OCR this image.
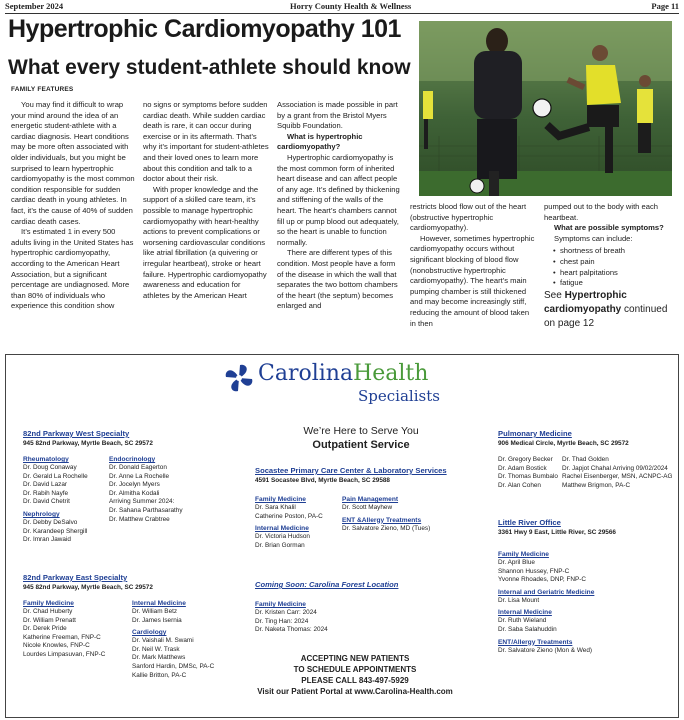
September 2024	Horry County Health & Wellness	Page 11
Hypertrophic Cardiomyopathy 101
What every student-athlete should know
FAMILY FEATURES

You may find it difficult to wrap your mind around the idea of an energetic student-athlete with a cardiac diagnosis. Heart conditions may be more often associated with older individuals, but you might be surprised to learn hypertrophic cardiomyopathy is the most common condition responsible for sudden cardiac death in young athletes. In fact, it’s the cause of 40% of sudden cardiac death cases.

It’s estimated 1 in every 500 adults living in the United States has hypertrophic cardiomyopathy, according to the American Heart Association, but a significant percentage are undiagnosed. More than 80% of individuals who experience this condition show

no signs or symptoms before sudden cardiac death. While sudden cardiac death is rare, it can occur during exercise or in its aftermath. That’s why it’s important for student-athletes and their loved ones to learn more about this condition and talk to a doctor about their risk.

With proper knowledge and the support of a skilled care team, it’s possible to manage hypertrophic cardiomyopathy with heart-healthy actions to prevent complications or worsening cardiovascular conditions like atrial fibrillation (a quivering or irregular heartbeat), stroke or heart failure. Hypertrophic cardiomyopathy awareness and education for athletes by the American Heart

Association is made possible in part by a grant from the Bristol Myers Squibb Foundation.

What is hypertrophic cardiomyopathy?

Hypertrophic cardiomyopathy is the most common form of inherited heart disease and can affect people of any age. It’s defined by thickening and stiffening of the walls of the heart. The heart’s chambers cannot fill up or pump blood out adequately, so the heart is unable to function normally.

There are different types of this condition. Most people have a form of the disease in which the wall that separates the two bottom chambers of the heart (the septum) becomes enlarged and

restricts blood flow out of the heart (obstructive hypertrophic cardiomyopathy).

However, sometimes hypertrophic cardiomyopathy occurs without significant blocking of blood flow (nonobstructive hypertrophic cardiomyopathy). The heart’s main pumping chamber is still thickened and may become increasingly stiff, reducing the amount of blood taken in then

pumped out to the body with each heartbeat.

What are possible symptoms?

Symptoms can include:

• shortness of breath
• chest pain
• heart palpitations
• fatigue

See Hypertrophic cardiomyopathy continued on page 12

CarolinaHealth
Specialists
We’re Here to Serve You
Outpatient Service
82nd Parkway West Specialty
945 82nd Parkway, Myrtle Beach, SC 29572
Rheumatology
Dr. Doug Conaway
Dr. Gerald La Rochelle
Dr. David Lazar
Dr. Rabih Nayfe
Dr. David Chetrit
Nephrology
Dr. Debby DeSalvo
Dr. Karandeep Shergill
Dr. Imran Jawaid
Endocrinology
Dr. Donald Eagerton
Dr. Anne La Rochelle
Dr. Jocelyn Myers
Dr. Almitha Kodali
Arriving Summer 2024:
Dr. Sahana Parthasarathy
Dr. Matthew Crabtree
82nd Parkway East Specialty
945 82nd Parkway, Myrtle Beach, SC 29572
Family Medicine
Dr. Chad Huberty
Dr. William Prenatt
Dr. Derek Pride
Katherine Freeman, FNP-C
Nicole Knowles, FNP-C
Lourdes Limpasuvan, FNP-C
Internal Medicine
Dr. William Betz
Dr. James Isernia
Cardiology
Dr. Vaishali M. Swami
Dr. Neil W. Trask
Dr. Mark Matthews
Sanford Hardin, DMSc, PA-C
Kallie Britton, PA-C
Socastee Primary Care Center & Laboratory Services
4591 Socastee Blvd, Myrtle Beach, SC 29588
Family Medicine
Dr. Sara Khalil
Catherine Poston, PA-C
Internal Medicine
Dr. Victoria Hudson
Dr. Brian Gorman
Pain Management
Dr. Scott Mayhew
ENT &Allergy Treatments
Dr. Salvatore Zieno, MD (Tues)
Coming Soon: Carolina Forest Location
Family Medicine
Dr. Kristen Carr: 2024
Dr. Ting Han: 2024
Dr. Naketa Thomas: 2024
ACCEPTING NEW PATIENTS
TO SCHEDULE APPOINTMENTS
PLEASE CALL 843-497-5929
Visit our Patient Portal at www.Carolina-Health.com
Pulmonary Medicine
906 Medical Circle, Myrtle Beach, SC 29572
Dr. Gregory Becker
Dr. Adam Bostick
Dr. Thomas Bumbalo
Dr. Alan Cohen
Dr. Thad Golden
Dr. Japjot Chahal Arriving 09/02/2024
Rachel Eisenberger, MSN, ACNPC-AG
Matthew Brigmon, PA-C
Little River Office
3361 Hwy 9 East, Little River, SC 29566
Family Medicine
Dr. April Blue
Shannon Hussey, FNP-C
Yvonne Rhoades, DNP, FNP-C
Internal and Geriatric Medicine
Dr. Lisa Mount
Internal Medicine
Dr. Ruth Wieland
Dr. Saba Salahuddin
ENT/Allergy Treatments
Dr. Salvatore Zieno (Mon & Wed)
